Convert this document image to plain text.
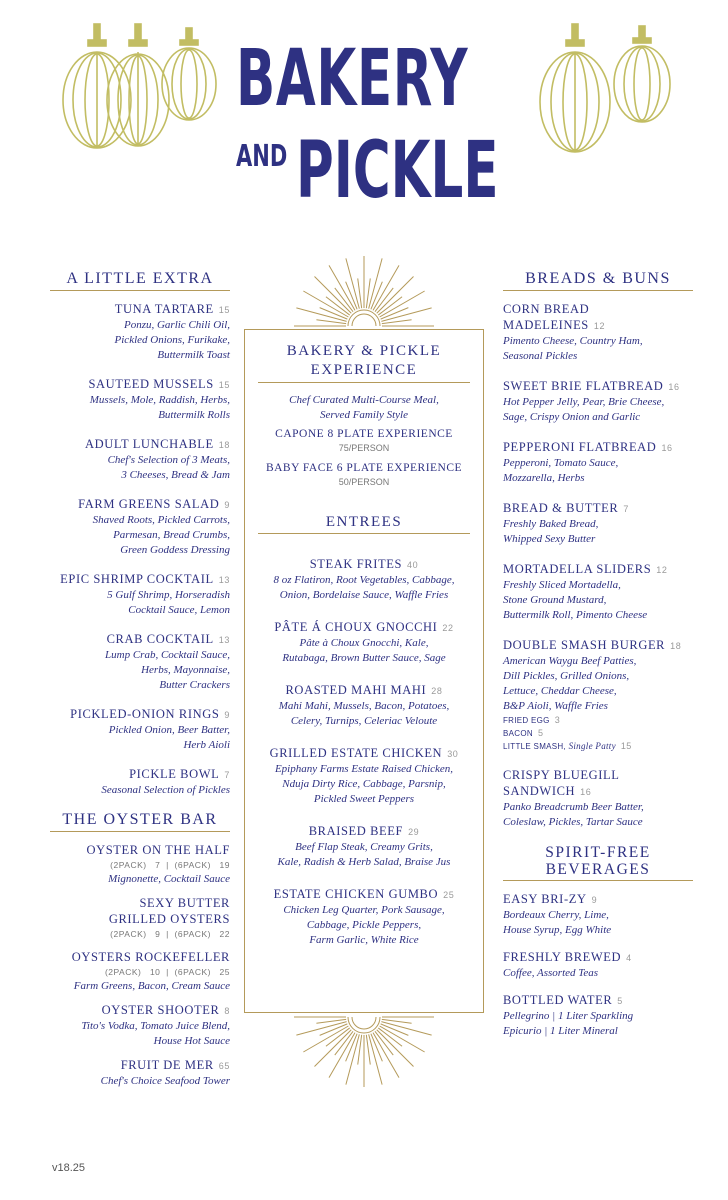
BAKERY
AND PICKLE
A LITTLE EXTRA
TUNA TARTARE 15
Ponzu, Garlic Chili Oil,
Pickled Onions, Furikake,
Buttermilk Toast
SAUTEED MUSSELS 15
Mussels, Mole, Raddish, Herbs,
Buttermilk Rolls
ADULT LUNCHABLE 18
Chef's Selection of 3 Meats,
3 Cheeses, Bread & Jam
FARM GREENS SALAD 9
Shaved Roots, Pickled Carrots,
Parmesan, Bread Crumbs,
Green Goddess Dressing
EPIC SHRIMP COCKTAIL 13
5 Gulf Shrimp, Horseradish
Cocktail Sauce, Lemon
CRAB COCKTAIL 13
Lump Crab, Cocktail Sauce,
Herbs, Mayonnaise,
Butter Crackers
PICKLED-ONION RINGS 9
Pickled Onion, Beer Batter,
Herb Aioli
PICKLE BOWL 7
Seasonal Selection of Pickles
THE OYSTER BAR
OYSTER ON THE HALF
(2PACK)   7  |  (6PACK)   19
Mignonette, Cocktail Sauce
SEXY BUTTER
GRILLED OYSTERS
(2PACK)   9  |  (6PACK)   22
OYSTERS ROCKEFELLER
(2PACK)   10  |  (6PACK)   25
Farm Greens, Bacon, Cream Sauce
OYSTER SHOOTER 8
Tito's Vodka, Tomato Juice Blend,
House Hot Sauce
FRUIT DE MER 65
Chef's Choice Seafood Tower
BAKERY & PICKLE
EXPERIENCE
Chef Curated Multi-Course Meal,
Served Family Style
CAPONE 8 PLATE EXPERIENCE
75/PERSON
BABY FACE 6 PLATE EXPERIENCE
50/PERSON
ENTREES
STEAK FRITES 40
8 oz Flatiron, Root Vegetables, Cabbage,
Onion, Bordelaise Sauce, Waffle Fries
PÂTE Á CHOUX GNOCCHI 22
Pâte à Choux Gnocchi, Kale,
Rutabaga, Brown Butter Sauce, Sage
ROASTED MAHI MAHI 28
Mahi Mahi, Mussels, Bacon, Potatoes,
Celery, Turnips, Celeriac Veloute
GRILLED ESTATE CHICKEN 30
Epiphany Farms Estate Raised Chicken,
Nduja Dirty Rice, Cabbage, Parsnip,
Pickled Sweet Peppers
BRAISED BEEF 29
Beef Flap Steak, Creamy Grits,
Kale, Radish & Herb Salad, Braise Jus
ESTATE CHICKEN GUMBO 25
Chicken Leg Quarter, Pork Sausage,
Cabbage, Pickle Peppers,
Farm Garlic, White Rice
BREADS & BUNS
CORN BREAD MADELEINES 12
Pimento Cheese, Country Ham,
Seasonal Pickles
SWEET BRIE FLATBREAD 16
Hot Pepper Jelly, Pear, Brie Cheese,
Sage, Crispy Onion and Garlic
PEPPERONI FLATBREAD 16
Pepperoni, Tomato Sauce,
Mozzarella, Herbs
BREAD & BUTTER 7
Freshly Baked Bread,
Whipped Sexy Butter
MORTADELLA SLIDERS 12
Freshly Sliced Mortadella,
Stone Ground Mustard,
Buttermilk Roll, Pimento Cheese
DOUBLE SMASH BURGER 18
American Waygu Beef Patties,
Dill Pickles, Grilled Onions,
Lettuce, Cheddar Cheese,
B&P Aioli, Waffle Fries
FRIED EGG 3
BACON 5
LITTLE SMASH, Single Patty 15
CRISPY BLUEGILL SANDWICH 16
Panko Breadcrumb Beer Batter,
Coleslaw, Pickles, Tartar Sauce
SPIRIT-FREE
BEVERAGES
EASY BRI-ZY 9
Bordeaux Cherry, Lime,
House Syrup, Egg White
FRESHLY BREWED 4
Coffee, Assorted Teas
BOTTLED WATER 5
Pellegrino | 1 Liter Sparkling
Epicurio | 1 Liter Mineral
v18.25
